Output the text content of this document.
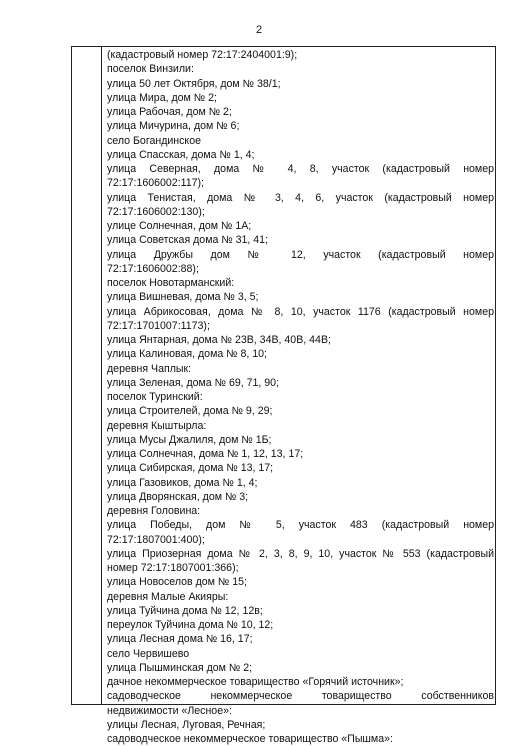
2
(кадастровый номер 72:17:2404001:9);
поселок Винзили:
улица 50 лет Октября, дом № 38/1;
улица Мира, дом № 2;
улица Рабочая, дом № 2;
улица Мичурина, дом № 6;
село Богандинское
улица Спасская, дома № 1, 4;
улица Северная, дома № 4, 8, участок (кадастровый номер
72:17:1606002:117);
улица Тенистая, дома № 3, 4, 6, участок (кадастровый номер
72:17:1606002:130);
улице Солнечная, дом № 1А;
улица Советская дома № 31, 41;
улица Дружбы дом № 12, участок (кадастровый номер
72:17:1606002:88);
поселок Новотарманский:
улица Вишневая, дома № 3, 5;
улица Абрикосовая, дома № 8, 10, участок 1176 (кадастровый номер
72:17:1701007:1173);
улица Янтарная, дома № 23В, 34В, 40В, 44В;
улица Калиновая, дома № 8, 10;
деревня Чаплык:
улица Зеленая, дома № 69, 71, 90;
поселок Туринский:
улица Строителей, дома № 9, 29;
деревня Кыштырла:
улица Мусы Джалиля, дом № 1Б;
улица Солнечная, дома № 1, 12, 13, 17;
улица Сибирская, дома № 13, 17;
улица Газовиков, дома № 1, 4;
улица Дворянская, дом № 3;
деревня Головина:
улица Победы, дом № 5, участок 483 (кадастровый номер
72:17:1807001:400);
улица Приозерная дома № 2, 3, 8, 9, 10, участок № 553 (кадастровый
номер 72:17:1807001:366);
улица Новоселов дом № 15;
деревня Малые Акияры:
улица Туйчина дома № 12, 12в;
переулок Туйчина дома № 10, 12;
улица Лесная дома № 16, 17;
село Червишево
улица Пышминская дом № 2;
дачное некоммерческое товарищество «Горячий источник»;
садоводческое некоммерческое товарищество собственников
недвижимости «Лесное»:
улицы Лесная, Луговая, Речная;
садоводческое некоммерческое товарищество «Пышма»:
